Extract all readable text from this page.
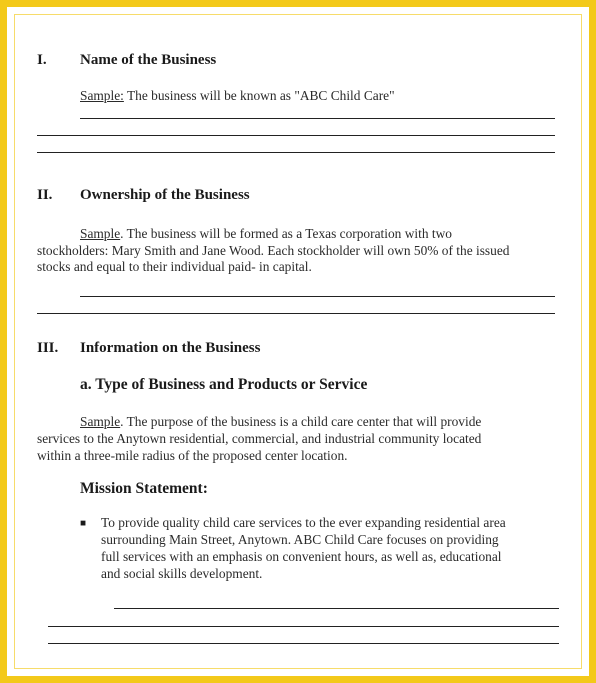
I. Name of the Business
Sample: The business will be known as "ABC Child Care"
II. Ownership of the Business
Sample. The business will be formed as a Texas corporation with two
stockholders: Mary Smith and Jane Wood. Each stockholder will own 50% of the issued
stocks and equal to their individual paid- in capital.
III. Information on the Business
a. Type of Business and Products or Service
Sample. The purpose of the business is a child care center that will provide
services to the Anytown residential, commercial, and industrial community located
within a three-mile radius of the proposed center location.
Mission Statement:
■ To provide quality child care services to the ever expanding residential area
surrounding Main Street, Anytown. ABC Child Care focuses on providing
full services with an emphasis on convenient hours, as well as, educational
and social skills development.
